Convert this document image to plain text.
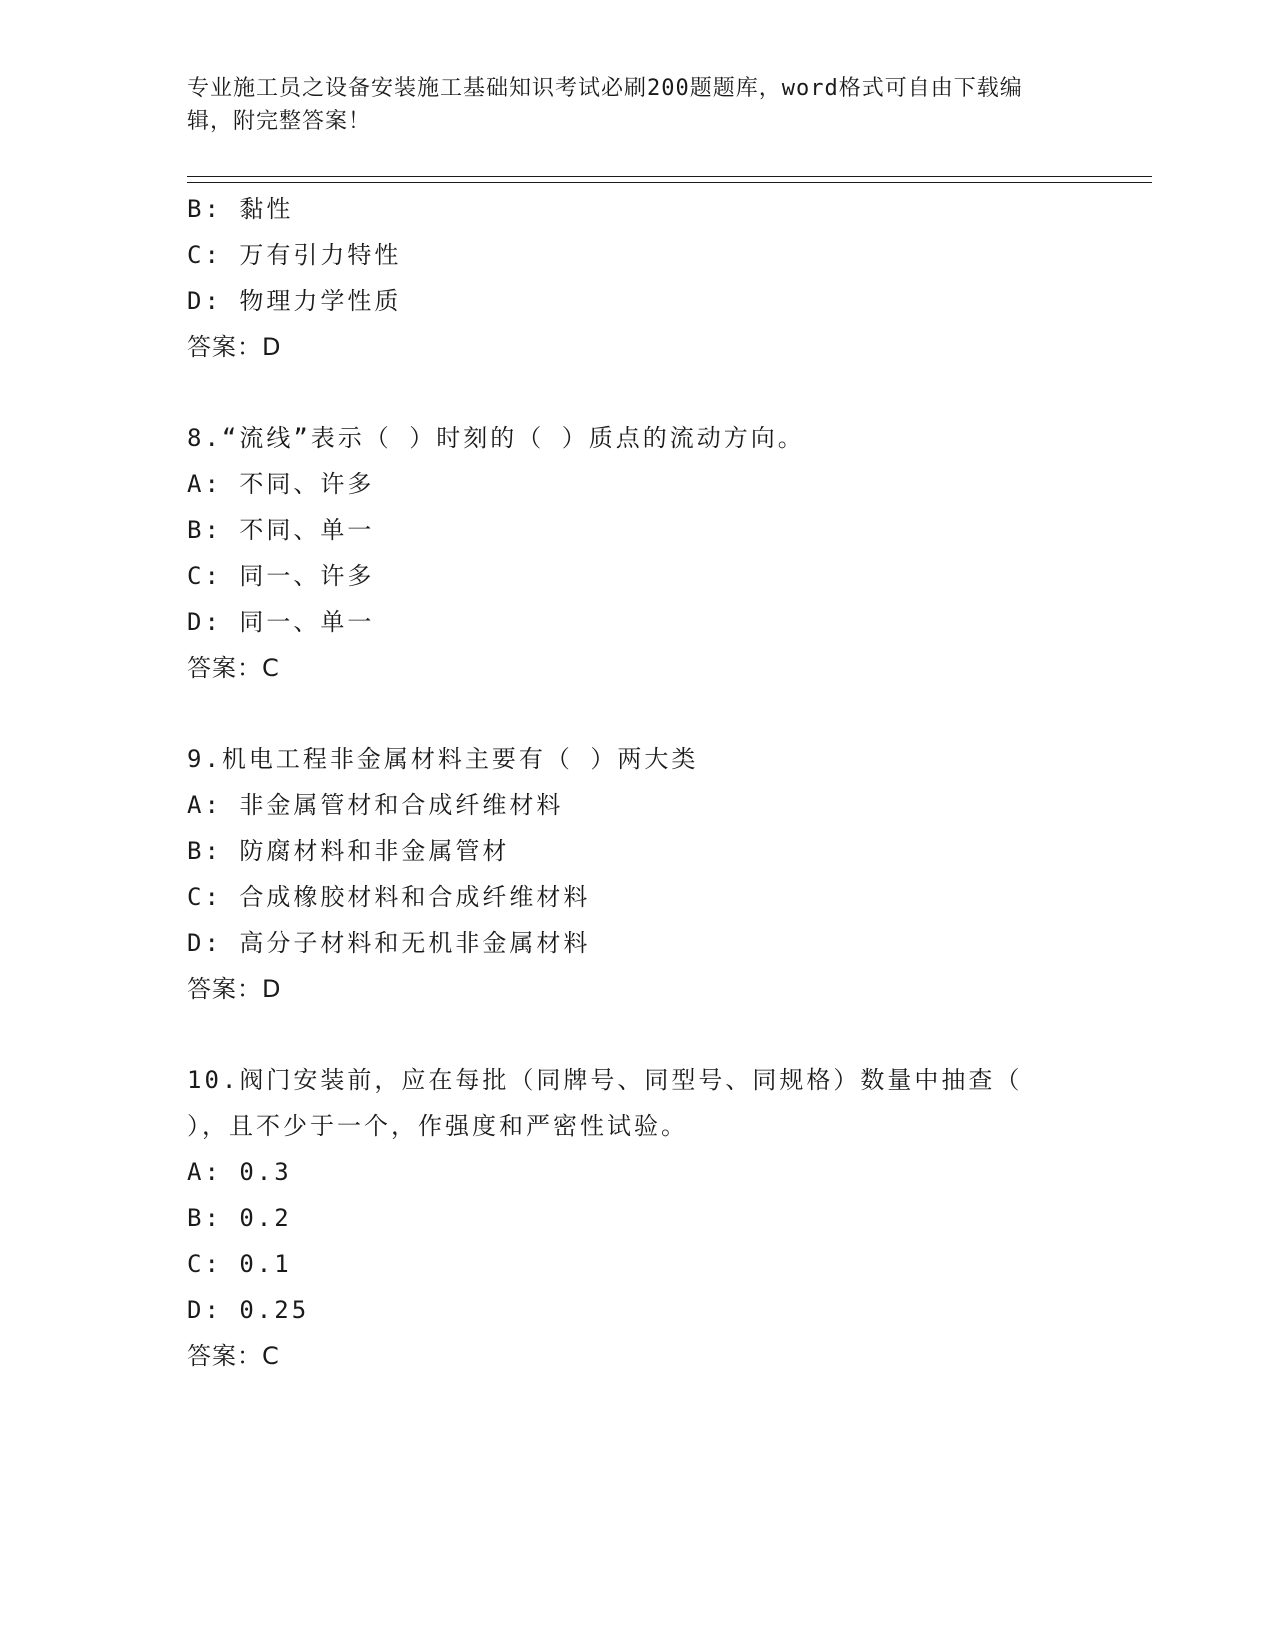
专业施工员之设备安装施工基础知识考试必刷200题题库，word格式可自由下载编辑，附完整答案！
B: 黏性
C: 万有引力特性
D: 物理力学性质
答案：D
8.“流线”表示（ ）时刻的（ ）质点的流动方向。
A: 不同、许多
B: 不同、单一
C: 同一、许多
D: 同一、单一
答案：C
9.机电工程非金属材料主要有（ ）两大类
A: 非金属管材和合成纤维材料
B: 防腐材料和非金属管材
C: 合成橡胶材料和合成纤维材料
D: 高分子材料和无机非金属材料
答案：D
10.阀门安装前，应在每批（同牌号、同型号、同规格）数量中抽查（ ），且不少于一个，作强度和严密性试验。
A: 0.3
B: 0.2
C: 0.1
D: 0.25
答案：C
